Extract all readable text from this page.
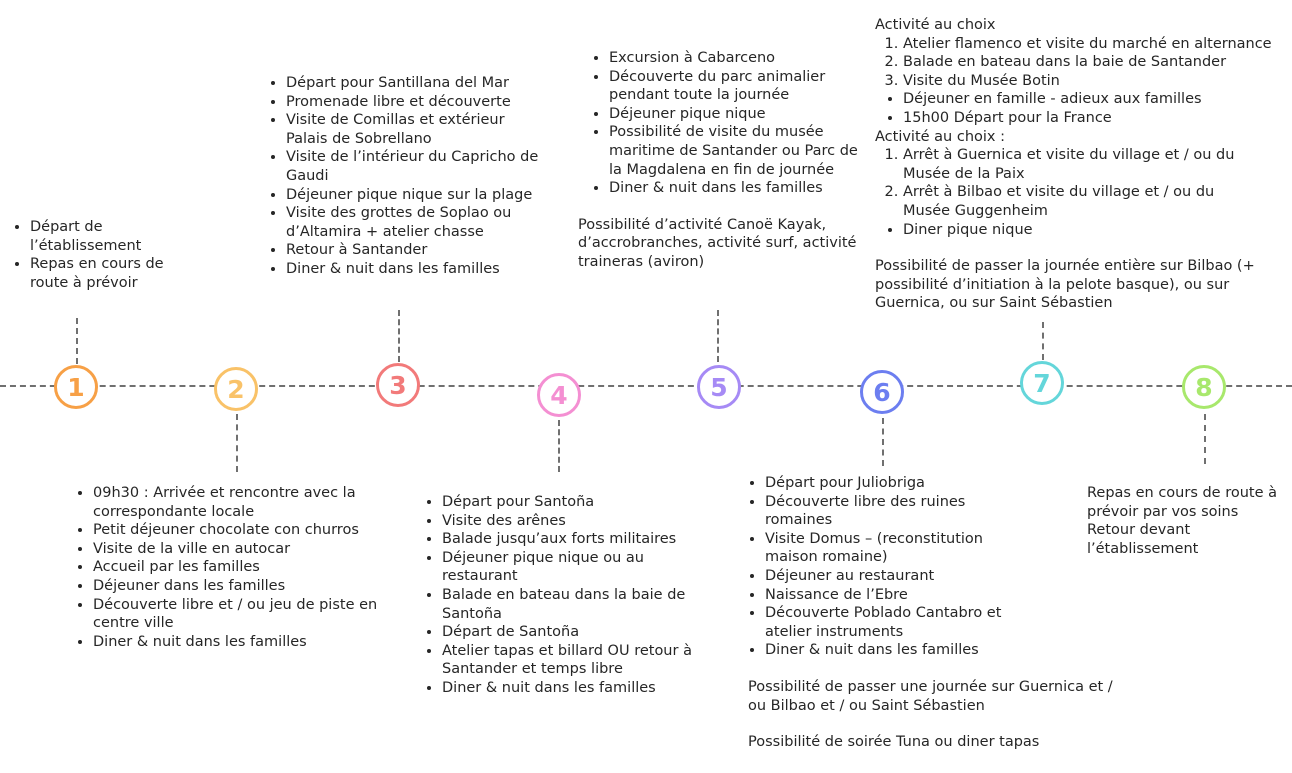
1	2	3	4	5	6	7	8
• Départ de l’établissement
• Repas en cours de route à prévoir
• 09h30 : Arrivée et rencontre avec la correspondante locale
• Petit déjeuner chocolate con churros
• Visite de la ville en autocar
• Accueil par les familles
• Déjeuner dans les familles
• Découverte libre et / ou jeu de piste en centre ville
• Diner & nuit dans les familles
• Départ pour Santillana del Mar
• Promenade libre et découverte
• Visite de Comillas et extérieur Palais de Sobrellano
• Visite de l’intérieur du Capricho de Gaudi
• Déjeuner pique nique sur la plage
• Visite des grottes de Soplao ou d’Altamira + atelier chasse
• Retour à Santander
• Diner & nuit dans les familles
• Départ pour Santoña
• Visite des arênes
• Balade jusqu’aux forts militaires
• Déjeuner pique nique ou au restaurant
• Balade en bateau dans la baie de Santoña
• Départ de Santoña
• Atelier tapas et billard OU retour à Santander et temps libre
• Diner & nuit dans les familles
• Excursion à Cabarceno
• Découverte du parc animalier pendant toute la journée
• Déjeuner pique nique
• Possibilité de visite du musée maritime de Santander ou Parc de la Magdalena en fin de journée
• Diner & nuit dans les familles

Possibilité d’activité Canoë Kayak, d’accrobranches, activité surf, activité traineras (aviron)

• Départ pour Juliobriga
• Découverte libre des ruines romaines
• Visite Domus – (reconstitution maison romaine)
• Déjeuner au restaurant
• Naissance de l’Ebre
• Découverte Poblado Cantabro et atelier instruments
• Diner & nuit dans les familles

Possibilité de passer une journée sur Guernica et / ou Bilbao et / ou Saint Sébastien

Possibilité de soirée Tuna ou diner tapas

Activité au choix

1. Atelier flamenco et visite du marché en alternance
2. Balade en bateau dans la baie de Santander
3. Visite du Musée Botin
• Déjeuner en famille - adieux aux familles
• 15h00 Départ pour la France

Activité au choix :

1. Arrêt à Guernica et visite du village et / ou du Musée de la Paix
2. Arrêt à Bilbao et visite du village et / ou du Musée Guggenheim
• Diner pique nique

Possibilité de passer la journée entière sur Bilbao (+ possibilité d’initiation à la pelote basque), ou sur Guernica, ou sur Saint Sébastien

Repas en cours de route à prévoir par vos soins

Retour devant l’établissement
